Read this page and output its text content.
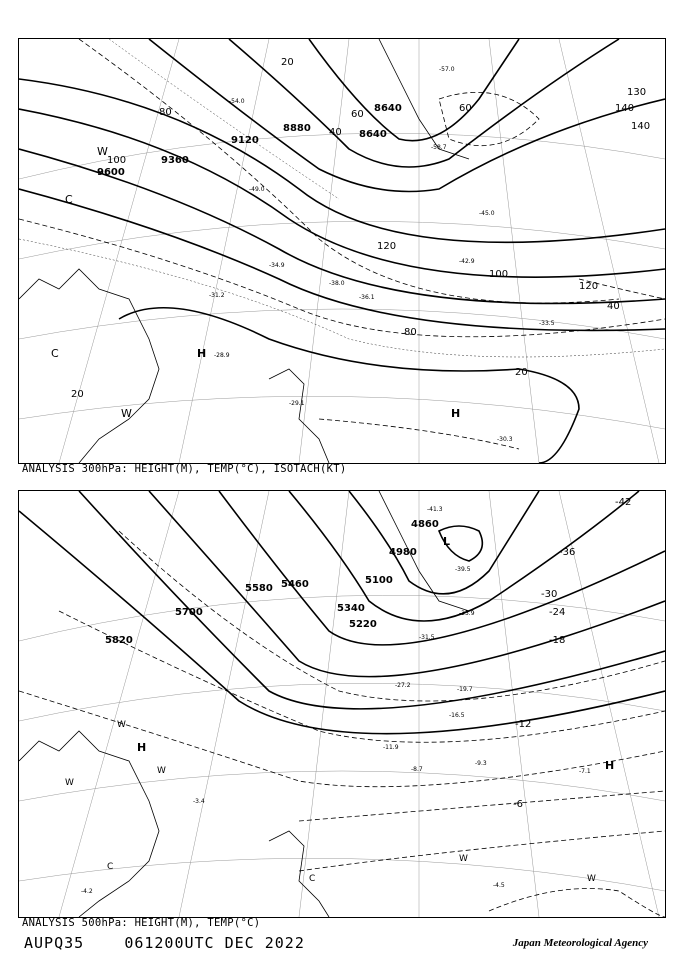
9120
8880
8640
8640
9360
9600
20
40
60
80
100
120
140
130
100
80	60
40
20
20
120
140
-28.9
-29.1
-30.3
-31.2
-33.5
-34.9
-36.1
-38.0
-42.9
-45.0
-49.0
-54.0
-57.0
-58.7
H
H
C
C
W
W
ANALYSIS 300hPa: HEIGHT(M), TEMP(°C), ISOTACH(KT)
5700
5820
5580 5460
5340
5220
5100
4980
4860
-42
-36
-30
-24
-18
-12
-6
-41.3
-39.5
-35.9
-31.5
-27.2
-19.7
-16.5
-11.9
-9.3
-8.7	-7.1
-4.5
-3.4
-4.2
L
H
H
W
W
W
W
W
C
C
ANALYSIS 500hPa: HEIGHT(M), TEMP(°C)
AUPQ35	061200UTC DEC 2022	Japan Meteorological Agency
